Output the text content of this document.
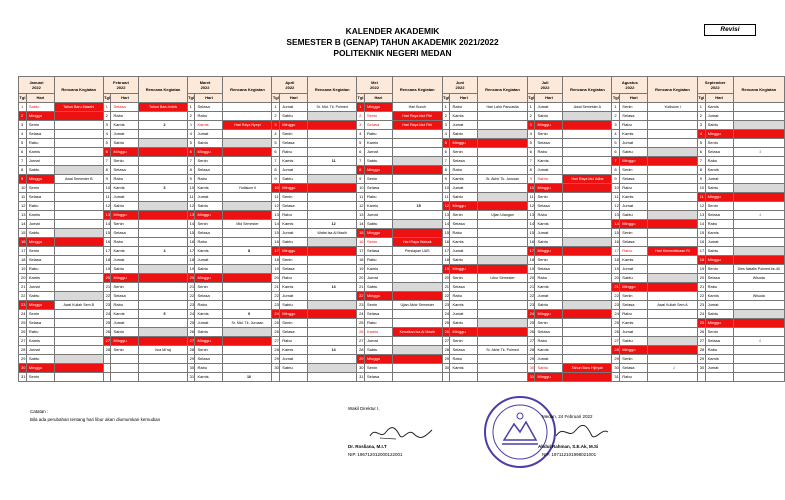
Revisi
KALENDER AKADEMIK
SEMESTER B (GENAP) TAHUN AKADEMIK 2021/2022
POLITEKNIK NEGERI MEDAN
Januari
2022		Rencana Kegiatan	Februari
2022		Rencana Kegiatan	Maret
2022		Rencana Kegiatan	April
2022		Rencana Kegiatan	Mei
2022		Rencana Kegiatan	Juni
2022		Rencana Kegiatan	Juli
2022		Rencana Kegiatan	Agustus
2022		Rencana Kegiatan	September
2022		Rencana Kegiatan
Tgl	Hari		Tgl	Hari		Tgl	Hari		Tgl	Hari		Tgl	Hari		Tgl	Hari		Tgl	Hari		Tgl	Hari		Tgl	Hari	
1	Sabtu	Tahun Baru Masehi	1	Selasa	Tahun Baru Imlek	1	Selasa		1	Jumat	Sr. Mid. Tk. Polmed	1	Minggu	Hari Buruh	1	Rabu	Hari Lahir Pancasila	1	Jumat	Awal Semester A	1	Senin	Yudisium I	1	Kamis	
2	Minggu		2	Rabu		2	Rabu		2	Sabtu		2	Senin	Hari Raya Idul Fitri	2	Kamis		2	Sabtu		2	Selasa		2	Jumat	
3	Senin		3	Kamis	2	3	Kamis	Hari Raya Nyepi	3	Minggu		3	Selasa	Hari Raya Idul Fitri	3	Jumat		3	Minggu		3	Rabu		3	Sabtu	
4	Selasa		4	Jumat		4	Jumat		4	Senin		4	Rabu		4	Sabtu		4	Senin		4	Kamis		4	Minggu	
5	Rabu		5	Sabtu		5	Sabtu		5	Selasa		5	Kamis		5	Minggu		5	Selasa		5	Jumat		5	Senin	
6	Kamis		6	Minggu		6	Minggu		6	Rabu		6	Jumat		6	Senin		6	Rabu		6	Sabtu		6	Selasa	3
7	Jumat		7	Senin		7	Senin		7	Kamis	11	7	Sabtu		7	Selasa		7	Kamis		7	Minggu		7	Rabu	
8	Sabtu		8	Selasa		8	Selasa		8	Jumat		8	Minggu		8	Rabu		8	Jumat		8	Senin		8	Kamis	
9	Minggu	Awal Semester B	9	Rabu		9	Rabu		9	Sabtu		9	Senin		9	Kamis	Sr. Akhir Tk. Jurusan	9	Sabtu	Hari Raya Idul Adha	9	Selasa		9	Jumat	
10	Senin		10	Kamis	3	10	Kamis	Yudisium II	10	Minggu		10	Selasa		10	Jumat		10	Minggu		10	Rabu		10	Sabtu	
11	Selasa		11	Jumat		11	Jumat		11	Senin		11	Rabu		11	Sabtu		11	Senin		11	Kamis		11	Minggu	
12	Rabu		12	Sabtu		12	Sabtu		12	Selasa		12	Kamis	15	12	Minggu		12	Selasa		12	Jumat		12	Senin	
13	Kamis		13	Minggu		13	Minggu		13	Rabu		13	Jumat		13	Senin	Ujian Ulangan	13	Rabu		13	Sabtu		13	Selasa	4
14	Jumat		14	Senin		14	Senin	Mid Semester	14	Kamis	12	14	Sabtu		14	Selasa		14	Kamis		14	Minggu		14	Rabu	
15	Sabtu		15	Selasa		15	Selasa		15	Jumat	Wafat Isa Al Masih	15	Minggu		15	Rabu		15	Jumat		15	Senin		15	Kamis	
16	Minggu		16	Rabu		16	Rabu		16	Sabtu		16	Senin	Hari Raya Waisak	16	Kamis		16	Sabtu		16	Selasa		16	Jumat	
17	Senin		17	Kamis	4	17	Kamis	8	17	Minggu		17	Selasa	Persiapan UAS	17	Jumat		17	Minggu		17	Rabu	Hari Kemerdekaan RI	17	Sabtu	
18	Selasa		18	Jumat		18	Jumat		18	Senin		18	Rabu		18	Sabtu		18	Senin		18	Kamis		18	Minggu	
19	Rabu		19	Sabtu		19	Sabtu		19	Selasa		19	Kamis		19	Minggu		19	Selasa		19	Jumat		19	Senin	Dies Natalis Polmed ke-40
20	Kamis		20	Minggu		20	Minggu		20	Rabu		20	Jumat		20	Senin	Libur Semester	20	Rabu		20	Sabtu		20	Selasa	Wisuda
21	Jumat		21	Senin		21	Senin		21	Kamis	13	21	Sabtu		21	Selasa		21	Kamis		21	Minggu		21	Rabu	
22	Sabtu		22	Selasa		22	Selasa		22	Jumat		22	Minggu		22	Rabu		22	Jumat		22	Senin		22	Kamis	Wisuda
23	Minggu	Awal Kuliah Sem B	23	Rabu		23	Rabu		23	Sabtu		23	Senin	Ujian Akhir Semester	23	Kamis		23	Sabtu		23	Selasa	Awal Kuliah Sem A	23	Jumat	
24	Senin		24	Kamis	5	24	Kamis	9	24	Minggu		24	Selasa		24	Jumat		24	Minggu		24	Rabu		24	Sabtu	
25	Selasa		25	Jumat		25	Jumat	Sr. Mid. Tk. Jurusan	25	Senin		25	Rabu		25	Sabtu		25	Senin		25	Kamis		25	Minggu	
26	Rabu		26	Sabtu		26	Sabtu		26	Selasa		26	Kamis	Kenaikan Isa Al Masih	26	Minggu		26	Selasa		26	Jumat		26	Senin	
27	Kamis		27	Minggu		27	Minggu		27	Rabu		27	Jumat		27	Senin		27	Rabu		27	Sabtu		27	Selasa	6
28	Jumat		28	Senin	Isra Mi'raj	28	Senin		28	Kamis	14	28	Sabtu		28	Selasa	Sr. Akhir Tk. Polmed	28	Kamis		28	Minggu		28	Rabu	
29	Sabtu					29	Selasa		29	Jumat		29	Minggu		29	Rabu		29	Jumat		29	Senin		29	Kamis	
30	Minggu					30	Rabu		30	Sabtu		30	Senin		30	Kamis		30	Sabtu	Tahun Baru Hijriyah	30	Selasa	2	30	Jumat	
31	Senin					31	Kamis	10				31	Selasa					31	Minggu		31	Rabu				
Catatan :
Bila ada perubahan tentang hari libur akan diumumkan kemudian
Wakil Direktur I,
Dr. Rosliana, M.I.T
NIP. 196712012000122001
Medan, 24 Februari 2022
Abdul Rahman, S.E.Ak, M.Si
NIP. 197112101998021001
